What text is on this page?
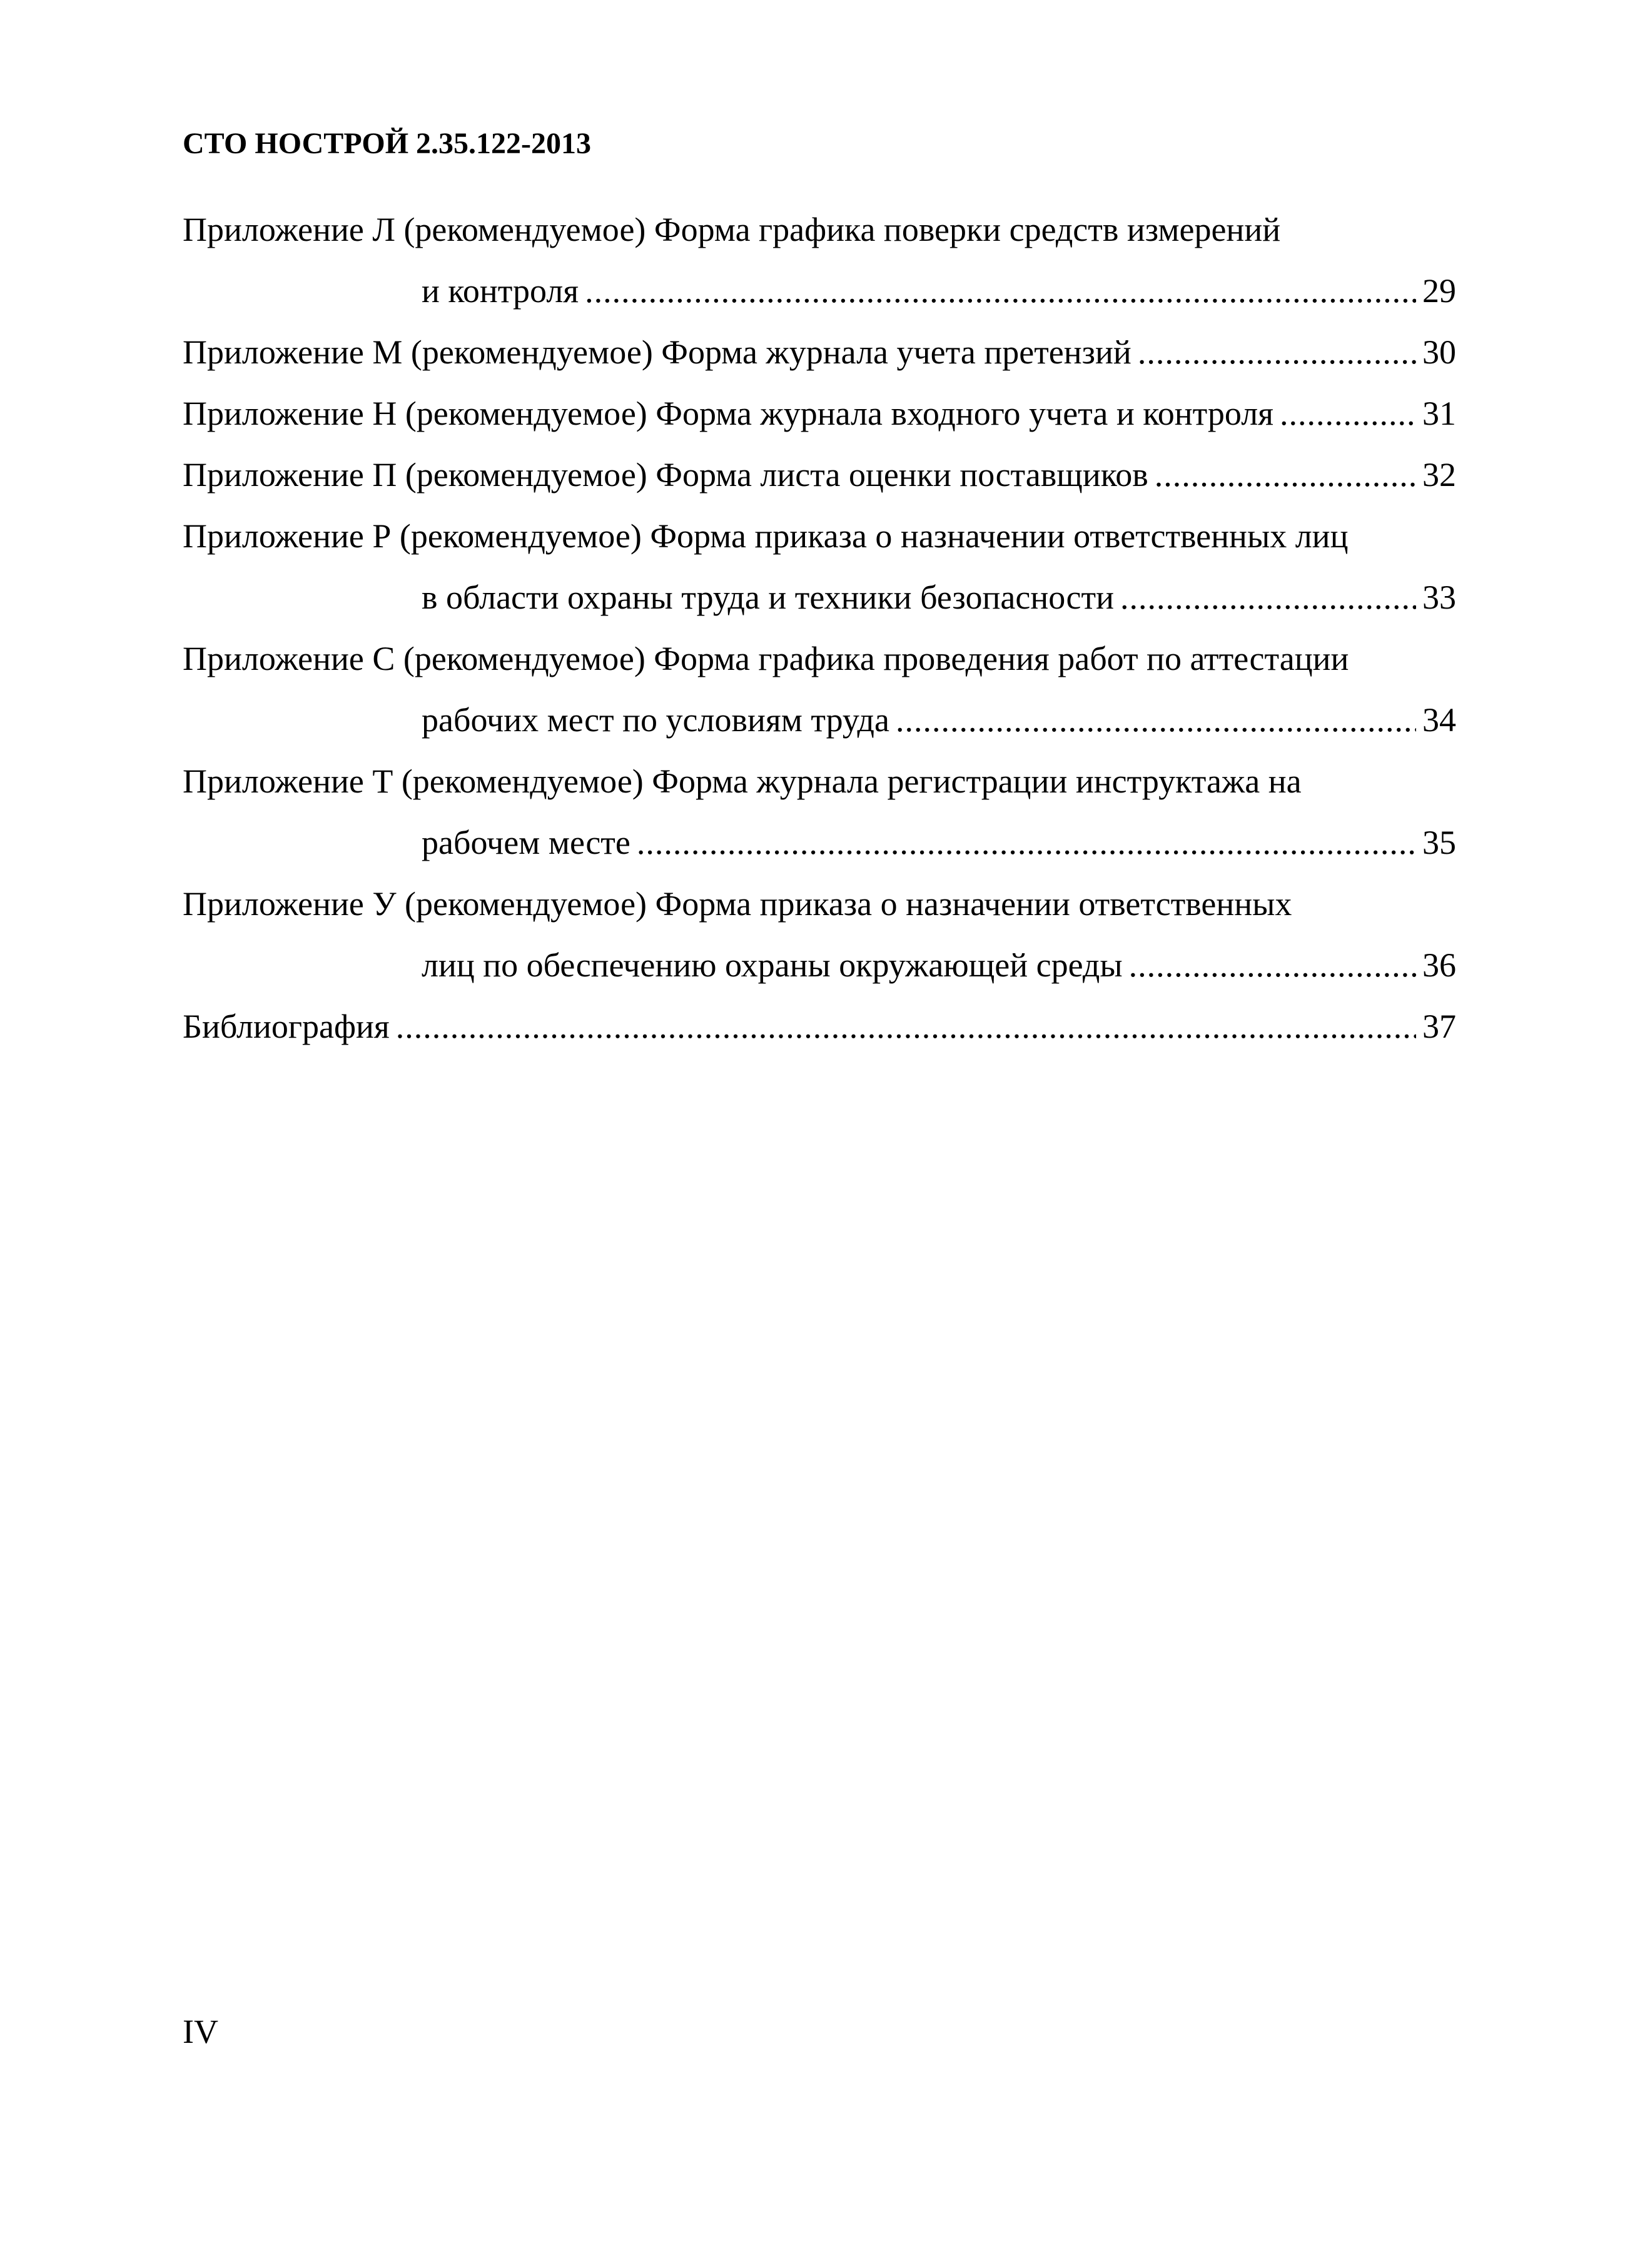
СТО НОСТРОЙ 2.35.122-2013
Приложение Л (рекомендуемое) Форма графика поверки средств измерений
и контроля .....	29
Приложение М (рекомендуемое) Форма журнала учета претензий .....	30
Приложение Н (рекомендуемое) Форма журнала входного учета и контроля .....	31
Приложение П (рекомендуемое) Форма листа оценки поставщиков .....	32
Приложение Р (рекомендуемое) Форма приказа о назначении ответственных лиц
в области охраны труда и техники безопасности .....	33
Приложение С (рекомендуемое) Форма графика проведения работ по аттестации
рабочих мест по условиям труда .....	34
Приложение Т (рекомендуемое) Форма журнала регистрации инструктажа на
рабочем месте .....	35
Приложение У (рекомендуемое) Форма приказа о назначении ответственных
лиц по обеспечению охраны окружающей среды .....	36
Библиография .....	37
IV
